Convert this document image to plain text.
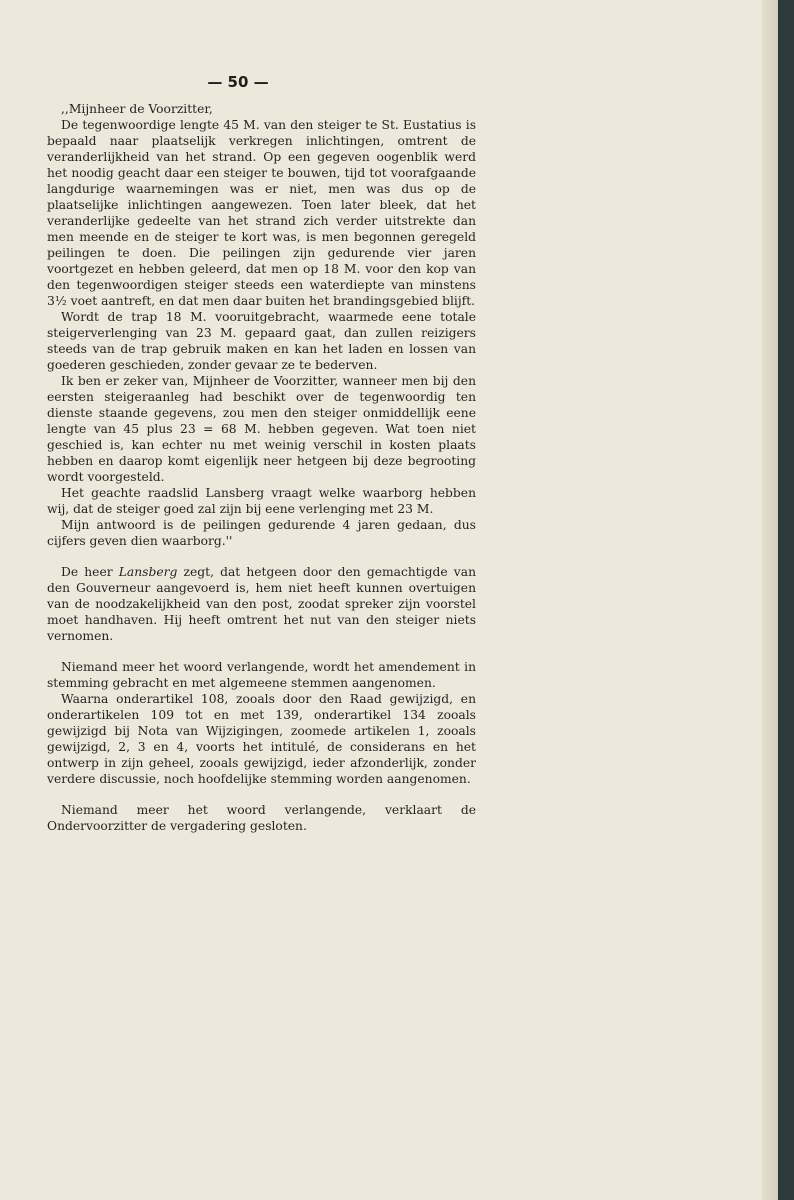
— 50 —

,,Mijnheer de Voorzitter,

De tegenwoordige lengte 45 M. van den steiger te St. Eustatius is bepaald naar plaatselijk verkregen inlichtingen, omtrent de veranderlijkheid van het strand. Op een gegeven oogenblik werd het noodig geacht daar een steiger te bouwen, tijd tot voorafgaande langdurige waarnemingen was er niet, men was dus op de plaatselijke inlichtingen aangewezen. Toen later bleek, dat het veranderlijke gedeelte van het strand zich verder uitstrekte dan men meende en de steiger te kort was, is men begonnen geregeld peilingen te doen. Die peilingen zijn gedurende vier jaren voortgezet en hebben geleerd, dat men op 18 M. voor den kop van den tegenwoordigen steiger steeds een waterdiepte van minstens 3½ voet aantreft, en dat men daar buiten het brandingsgebied blijft.

Wordt de trap 18 M. vooruitgebracht, waarmede eene totale steigerverlenging van 23 M. gepaard gaat, dan zullen reizigers steeds van de trap gebruik maken en kan het laden en lossen van goederen geschieden, zonder gevaar ze te bederven.

Ik ben er zeker van, Mijnheer de Voorzitter, wanneer men bij den eersten steigeraanleg had beschikt over de tegenwoordig ten dienste staande gegevens, zou men den steiger onmiddellijk eene lengte van 45 plus 23 = 68 M. hebben gegeven. Wat toen niet geschied is, kan echter nu met weinig verschil in kosten plaats hebben en daarop komt eigenlijk neer hetgeen bij deze begrooting wordt voorgesteld.

Het geachte raadslid Lansberg vraagt welke waarborg hebben wij, dat de steiger goed zal zijn bij eene verlenging met 23 M.

Mijn antwoord is de peilingen gedurende 4 jaren gedaan, dus cijfers geven dien waarborg.''

De heer Lansberg zegt, dat hetgeen door den gemachtigde van den Gouverneur aangevoerd is, hem niet heeft kunnen overtuigen van de noodzakelijkheid van den post, zoodat spreker zijn voorstel moet handhaven. Hij heeft omtrent het nut van den steiger niets vernomen.

Niemand meer het woord verlangende, wordt het amendement in stemming gebracht en met algemeene stemmen aangenomen.

Waarna onderartikel 108, zooals door den Raad gewijzigd, en onderartikelen 109 tot en met 139, onderartikel 134 zooals gewijzigd bij Nota van Wijzigingen, zoomede artikelen 1, zooals gewijzigd, 2, 3 en 4, voorts het intitulé, de considerans en het ontwerp in zijn geheel, zooals gewijzigd, ieder afzonderlijk, zonder verdere discussie, noch hoofdelijke stemming worden aangenomen.

Niemand meer het woord verlangende, verklaart de Ondervoorzitter de vergadering gesloten.
